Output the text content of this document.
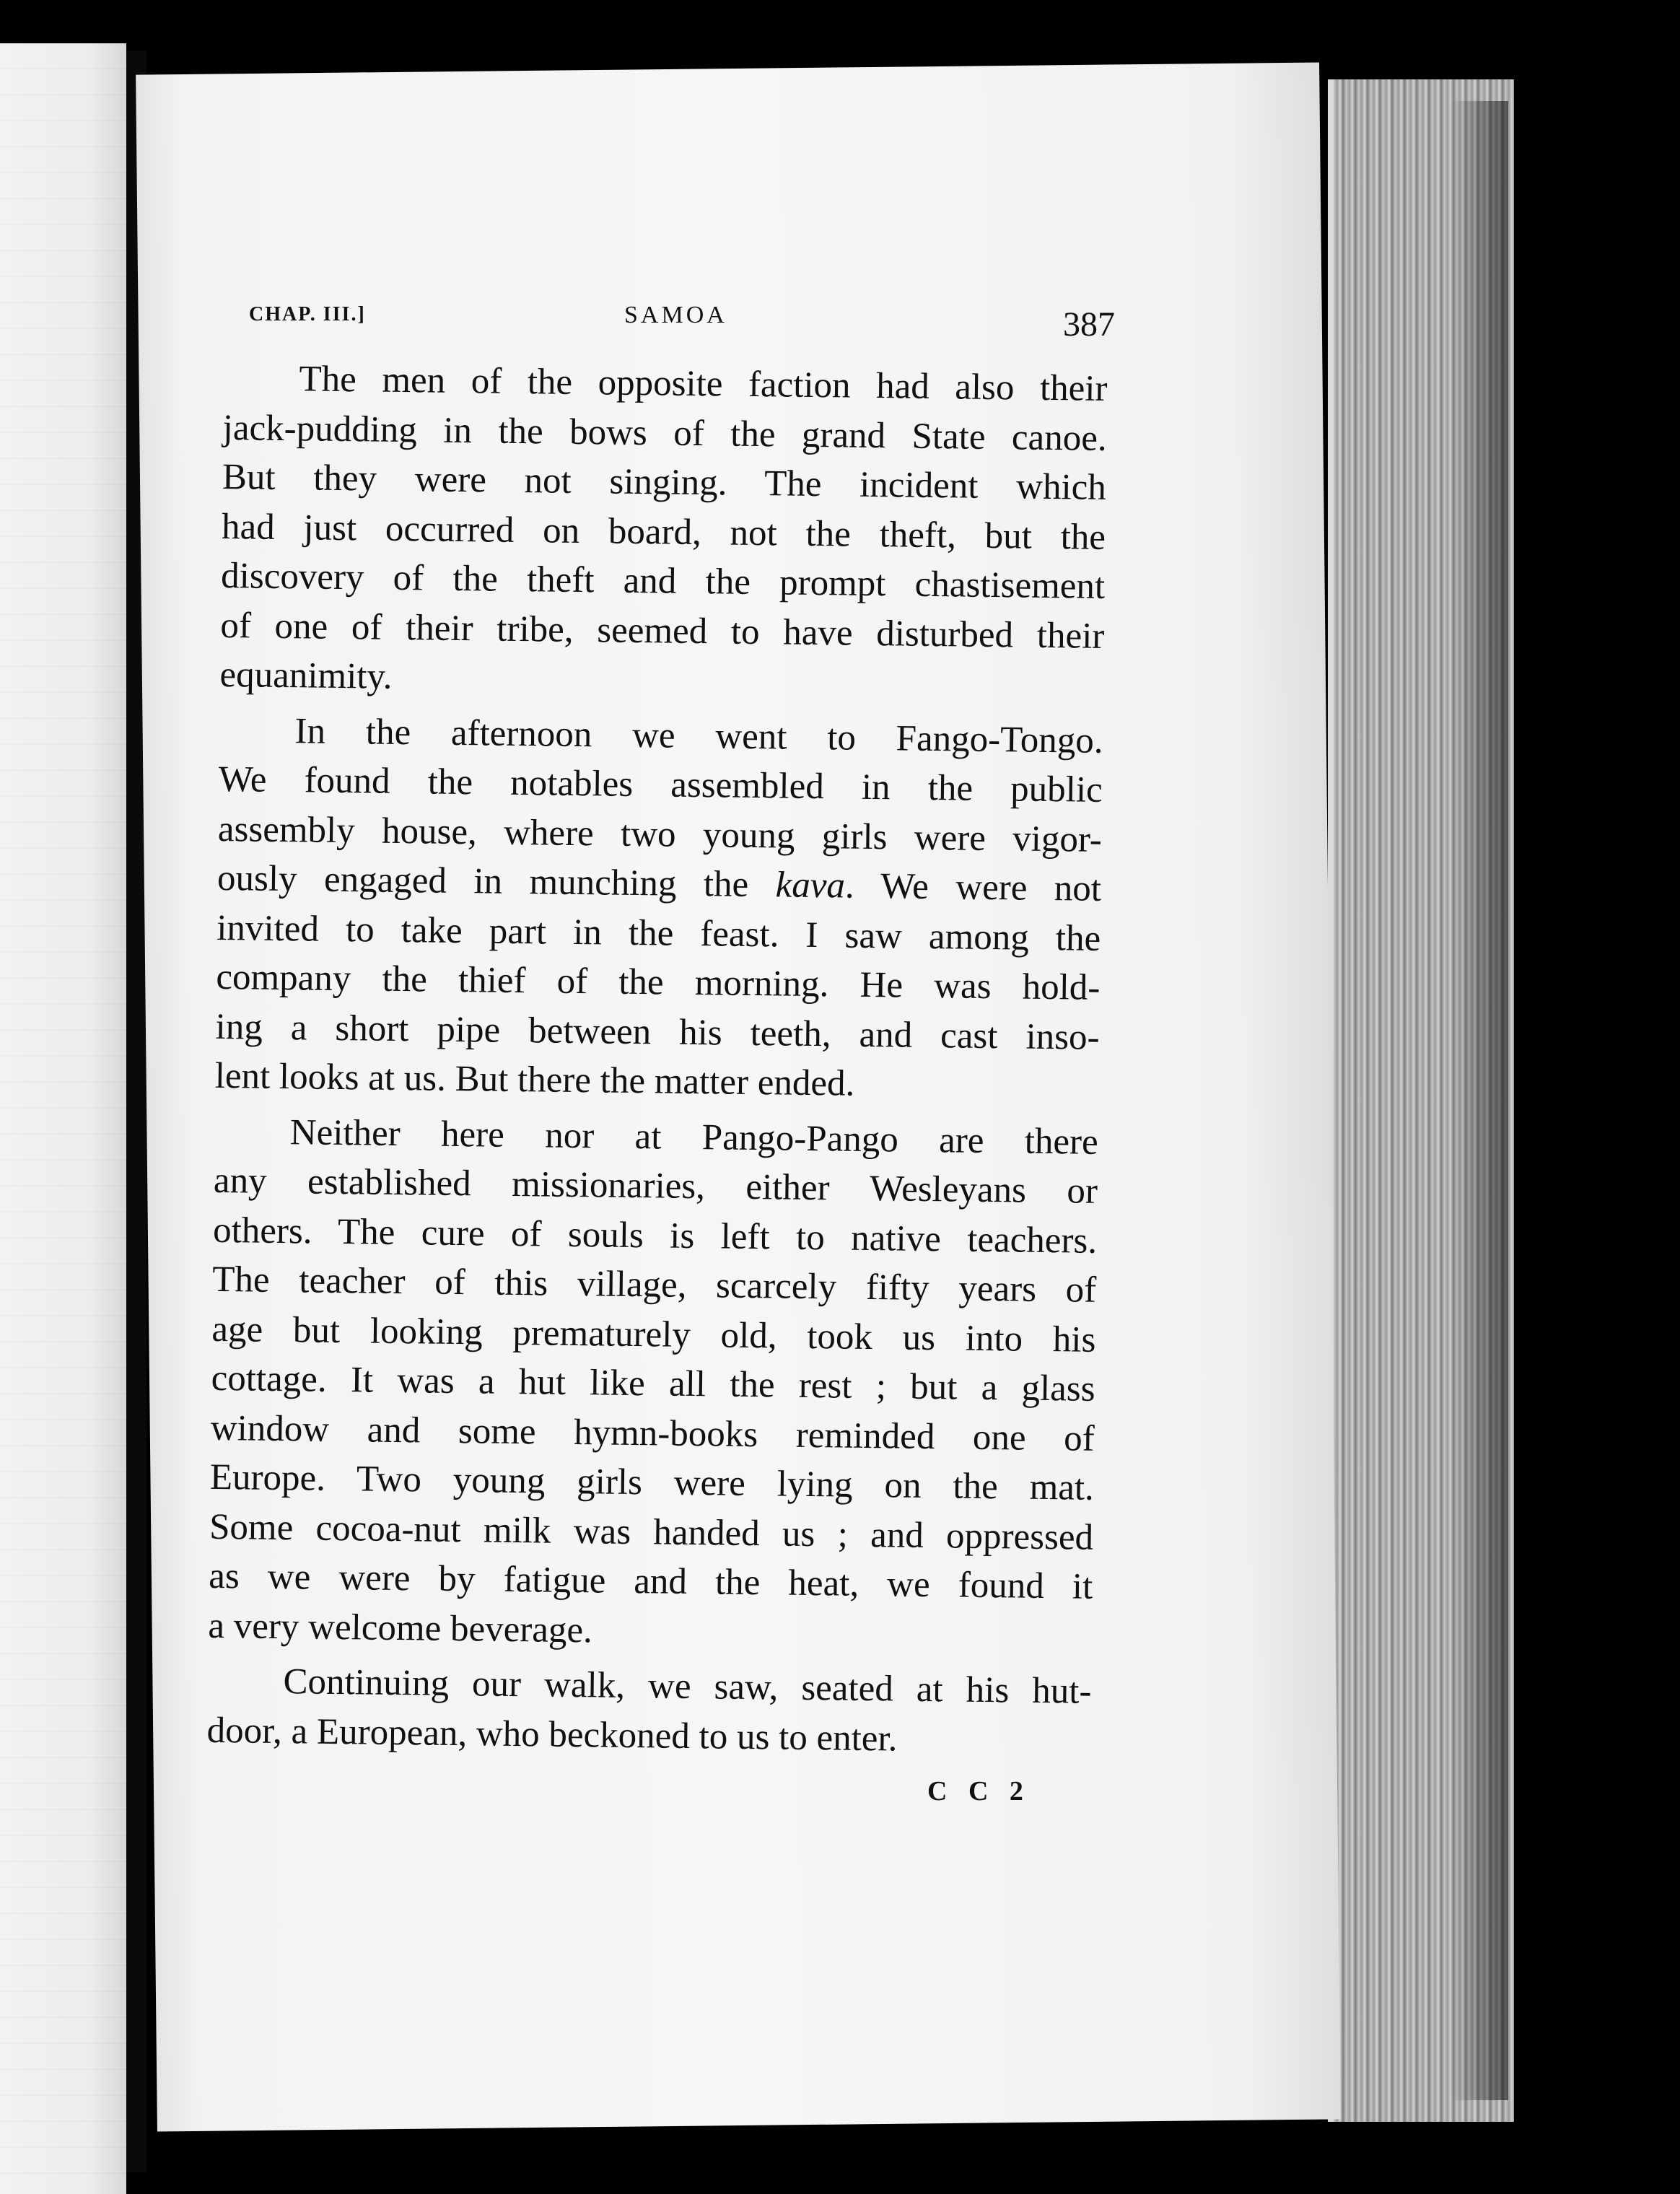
CHAP. III.]	SAMOA	387
The men of the opposite faction had also their
jack-pudding in the bows of the grand State canoe.
But they were not singing. The incident which
had just occurred on board, not the theft, but the
discovery of the theft and the prompt chastisement
of one of their tribe, seemed to have disturbed their
equanimity.
In the afternoon we went to Fango-Tongo.
We found the notables assembled in the public
assembly house, where two young girls were vigor-
ously engaged in munching the kava. We were not
invited to take part in the feast. I saw among the
company the thief of the morning. He was hold-
ing a short pipe between his teeth, and cast inso-
lent looks at us. But there the matter ended.
Neither here nor at Pango-Pango are there
any established missionaries, either Wesleyans or
others. The cure of souls is left to native teachers.
The teacher of this village, scarcely fifty years of
age but looking prematurely old, took us into his
cottage. It was a hut like all the rest ; but a glass
window and some hymn-books reminded one of
Europe. Two young girls were lying on the mat.
Some cocoa-nut milk was handed us ; and oppressed
as we were by fatigue and the heat, we found it
a very welcome beverage.
Continuing our walk, we saw, seated at his hut-
door, a European, who beckoned to us to enter.
C C 2
